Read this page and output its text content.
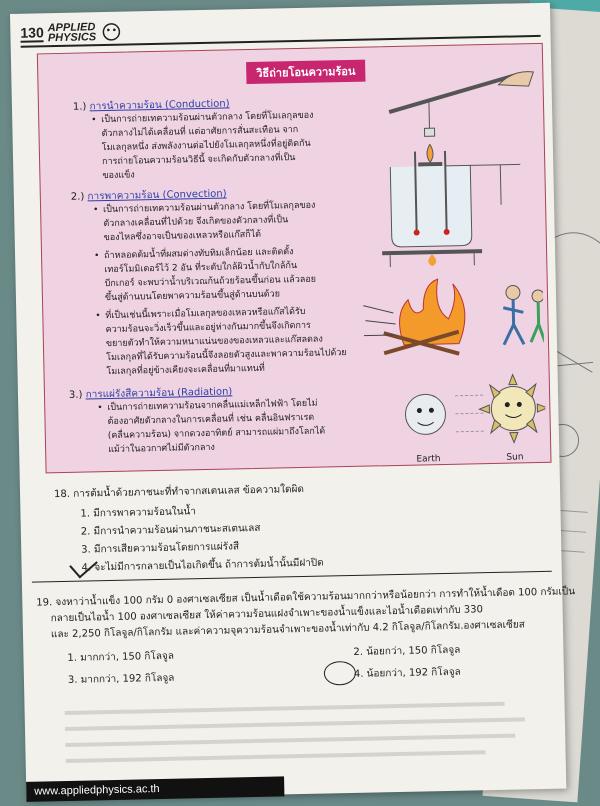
130 APPLIED
PHYSICS
วิธีถ่ายโอนความร้อน
1.) การนำความร้อน (Conduction)
• เป็นการถ่ายเทความร้อนผ่านตัวกลาง โดยที่โมเลกุลของ
ตัวกลางไม่ได้เคลื่อนที่ แต่อาศัยการสั่นสะเทือน จาก
โมเลกุลหนึ่ง ส่งพลังงานต่อไปยังโมเลกุลหนึ่งที่อยู่ติดกัน
การถ่ายโอนความร้อนวิธีนี้ จะเกิดกับตัวกลางที่เป็น
ของแข็ง
2.) การพาความร้อน (Convection)
• เป็นการถ่ายเทความร้อนผ่านตัวกลาง โดยที่โมเลกุลของ
ตัวกลางเคลื่อนที่ไปด้วย จึงเกิดของตัวกลางที่เป็น
ของไหลซึ่งอาจเป็นของเหลวหรือแก๊สก็ได้
• ถ้าหลอดต้มน้ำที่ผสมด่างทับทิมเล็กน้อย และติดตั้ง
เทอร์โมมิเตอร์ไว้ 2 อัน ที่ระดับใกล้ผิวน้ำกับใกล้ก้น
บีกเกอร์ จะพบว่าน้ำบริเวณก้นถ้วยร้อนขึ้นก่อน แล้วลอย
ขึ้นสู่ด้านบนโดยพาความร้อนขึ้นสู่ด้านบนด้วย
• ที่เป็นเช่นนี้เพราะเมื่อโมเลกุลของเหลวหรือแก๊สได้รับ
ความร้อนจะวิ่งเร็วขึ้นและอยู่ห่างกันมากขึ้นจึงเกิดการ
ขยายตัวทำให้ความหนาแน่นของของเหลวและแก๊สลดลง
โมเลกุลที่ได้รับความร้อนนี้จึงลอยตัวสูงและพาความร้อนไปด้วย
โมเลกุลที่อยู่ข้างเคียงจะเคลื่อนที่มาแทนที่
3.) การแผ่รังสีความร้อน (Radiation)
• เป็นการถ่ายเทความร้อนจากคลื่นแม่เหล็กไฟฟ้า โดยไม่
ต้องอาศัยตัวกลางในการเคลื่อนที่ เช่น คลื่นอินฟราเรด
(คลื่นความร้อน) จากดวงอาทิตย์ สามารถแผ่มาถึงโลกได้
แม้ว่าในอวกาศไม่มีตัวกลาง
Earth	Sun
18. การต้มน้ำด้วยภาชนะที่ทำจากสเตนเลส ข้อความใดผิด
1. มีการพาความร้อนในน้ำ
2. มีการนำความร้อนผ่านภาชนะสเตนเลส
3. มีการเสียความร้อนโดยการแผ่รังสี
4. จะไม่มีการกลายเป็นไอเกิดขึ้น ถ้าการต้มน้ำนั้นมีฝาปิด
19. จงหาว่าน้ำแข็ง 100 กรัม 0 องศาเซลเซียส เป็นน้ำเดือดใช้ความร้อนมากกว่าหรือน้อยกว่า การทำให้น้ำเดือด 100 กรัมเป็น
กลายเป็นไอน้ำ 100 องศาเซลเซียส ให้ค่าความร้อนแฝงจำเพาะของน้ำแข็งและไอน้ำเดือดเท่ากับ 330
และ 2,250 กิโลจูล/กิโลกรัม และค่าความจุความร้อนจำเพาะของน้ำเท่ากับ 4.2 กิโลจูล/กิโลกรัม.องศาเซลเซียส
1. มากกว่า, 150 กิโลจูล	2. น้อยกว่า, 150 กิโลจูล
3. มากกว่า, 192 กิโลจูล	4. น้อยกว่า, 192 กิโลจูล
www.appliedphysics.ac.th
